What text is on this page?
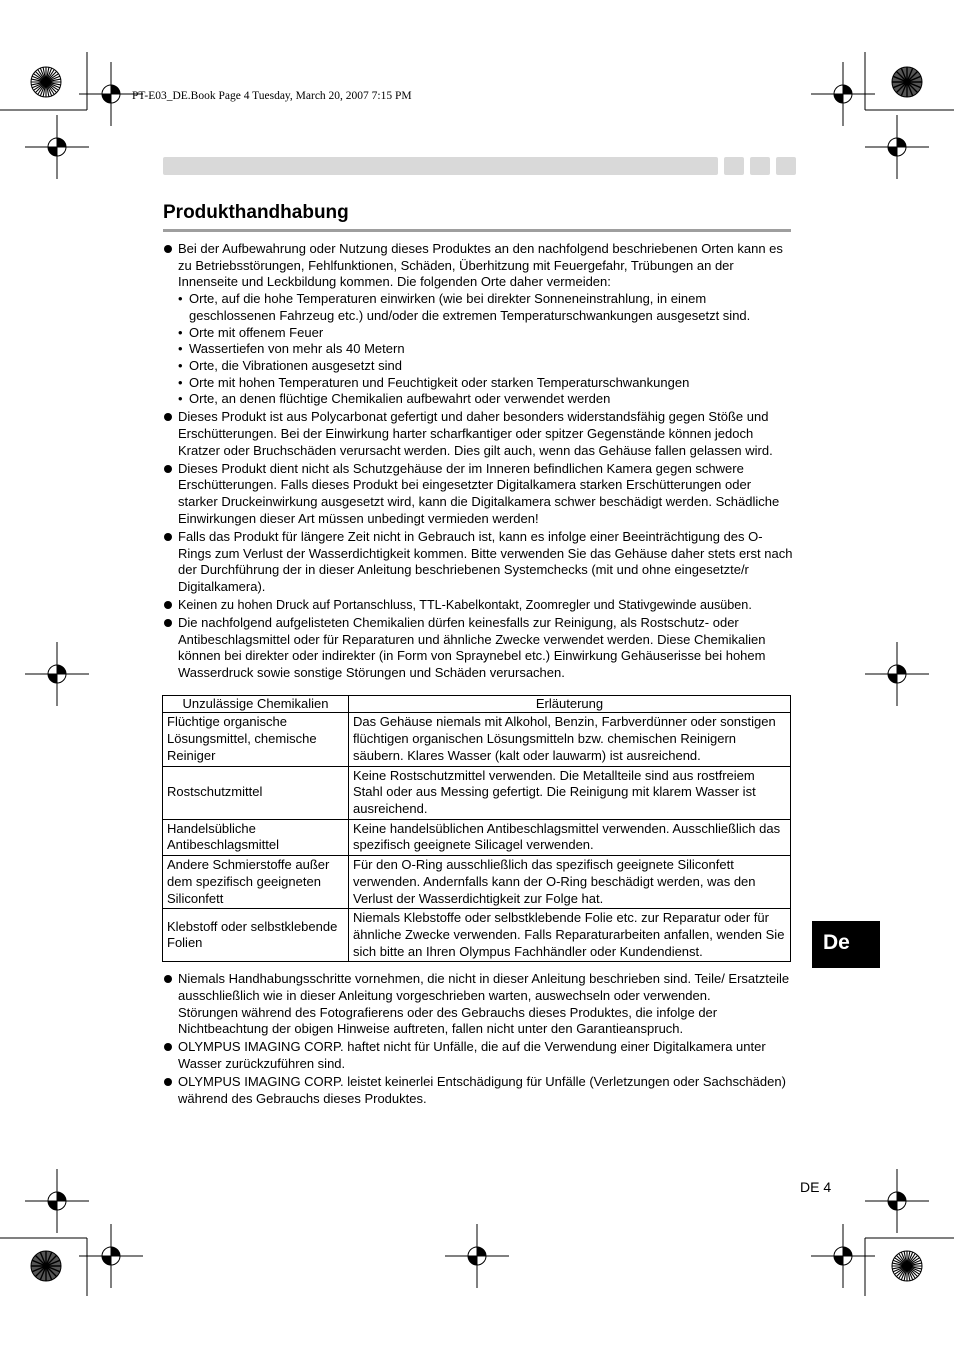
PT-E03_DE.Book Page 4 Tuesday, March 20, 2007 7:15 PM
Produkthandhabung
Bei der Aufbewahrung oder Nutzung dieses Produktes an den nachfolgend beschriebenen Orten kann es zu Betriebsstörungen, Fehlfunktionen, Schäden, Überhitzung mit Feuergefahr, Trübungen an der Innenseite und Leckbildung kommen. Die folgenden Orte daher vermeiden:
• Orte, auf die hohe Temperaturen einwirken (wie bei direkter Sonneneinstrahlung, in einem geschlossenen Fahrzeug etc.) und/oder die extremen Temperaturschwankungen ausgesetzt sind.
• Orte mit offenem Feuer
• Wassertiefen von mehr als 40 Metern
• Orte, die Vibrationen ausgesetzt sind
• Orte mit hohen Temperaturen und Feuchtigkeit oder starken Temperaturschwankungen
• Orte, an denen flüchtige Chemikalien aufbewahrt oder verwendet werden
Dieses Produkt ist aus Polycarbonat gefertigt und daher besonders widerstandsfähig gegen Stöße und Erschütterungen. Bei der Einwirkung harter scharfkantiger oder spitzer Gegenstände können jedoch Kratzer oder Bruchschäden verursacht werden. Dies gilt auch, wenn das Gehäuse fallen gelassen wird.
Dieses Produkt dient nicht als Schutzgehäuse der im Inneren befindlichen Kamera gegen schwere Erschütterungen. Falls dieses Produkt bei eingesetzter Digitalkamera starken Erschütterungen oder starker Druckeinwirkung ausgesetzt wird, kann die Digitalkamera schwer beschädigt werden. Schädliche Einwirkungen dieser Art müssen unbedingt vermieden werden!
Falls das Produkt für längere Zeit nicht in Gebrauch ist, kann es infolge einer Beeinträchtigung des O-Rings zum Verlust der Wasserdichtigkeit kommen. Bitte verwenden Sie das Gehäuse daher stets erst nach der Durchführung der in dieser Anleitung beschriebenen Systemchecks (mit und ohne eingesetzte/r Digitalkamera).
Keinen zu hohen Druck auf Portanschluss, TTL-Kabelkontakt, Zoomregler und Stativgewinde ausüben.
Die nachfolgend aufgelisteten Chemikalien dürfen keinesfalls zur Reinigung, als Rostschutz- oder Antibeschlagsmittel oder für Reparaturen und ähnliche Zwecke verwendet werden. Diese Chemikalien können bei direkter oder indirekter (in Form von Spraynebel etc.) Einwirkung Gehäuserisse bei hohem Wasserdruck sowie sonstige Störungen und Schäden verursachen.
Unzulässige Chemikalien	Erläuterung
Flüchtige organische Lösungsmittel, chemische Reiniger	Das Gehäuse niemals mit Alkohol, Benzin, Farbverdünner oder sonstigen flüchtigen organischen Lösungsmitteln bzw. chemischen Reinigern säubern. Klares Wasser (kalt oder lauwarm) ist ausreichend.
Rostschutzmittel	Keine Rostschutzmittel verwenden. Die Metallteile sind aus rostfreiem Stahl oder aus Messing gefertigt. Die Reinigung mit klarem Wasser ist ausreichend.
Handelsübliche Antibeschlagsmittel	Keine handelsüblichen Antibeschlagsmittel verwenden. Ausschließlich das spezifisch geeignete Silicagel verwenden.
Andere Schmierstoffe außer dem spezifisch geeigneten Siliconfett	Für den O-Ring ausschließlich das spezifisch geeignete Siliconfett verwenden. Andernfalls kann der O-Ring beschädigt werden, was den Verlust der Wasserdichtigkeit zur Folge hat.
Klebstoff oder selbstklebende Folien	Niemals Klebstoffe oder selbstklebende Folie etc. zur Reparatur oder für ähnliche Zwecke verwenden. Falls Reparaturarbeiten anfallen, wenden Sie sich bitte an Ihren Olympus Fachhändler oder Kundendienst.
Niemals Handhabungsschritte vornehmen, die nicht in dieser Anleitung beschrieben sind. Teile/ Ersatzteile ausschließlich wie in dieser Anleitung vorgeschrieben warten, auswechseln oder verwenden.
Störungen während des Fotografierens oder des Gebrauchs dieses Produktes, die infolge der Nichtbeachtung der obigen Hinweise auftreten, fallen nicht unter den Garantieanspruch.
OLYMPUS IMAGING CORP. haftet nicht für Unfälle, die auf die Verwendung einer Digitalkamera unter Wasser zurückzuführen sind.
OLYMPUS IMAGING CORP. leistet keinerlei Entschädigung für Unfälle (Verletzungen oder Sachschäden) während des Gebrauchs dieses Produktes.
De
DE 4
